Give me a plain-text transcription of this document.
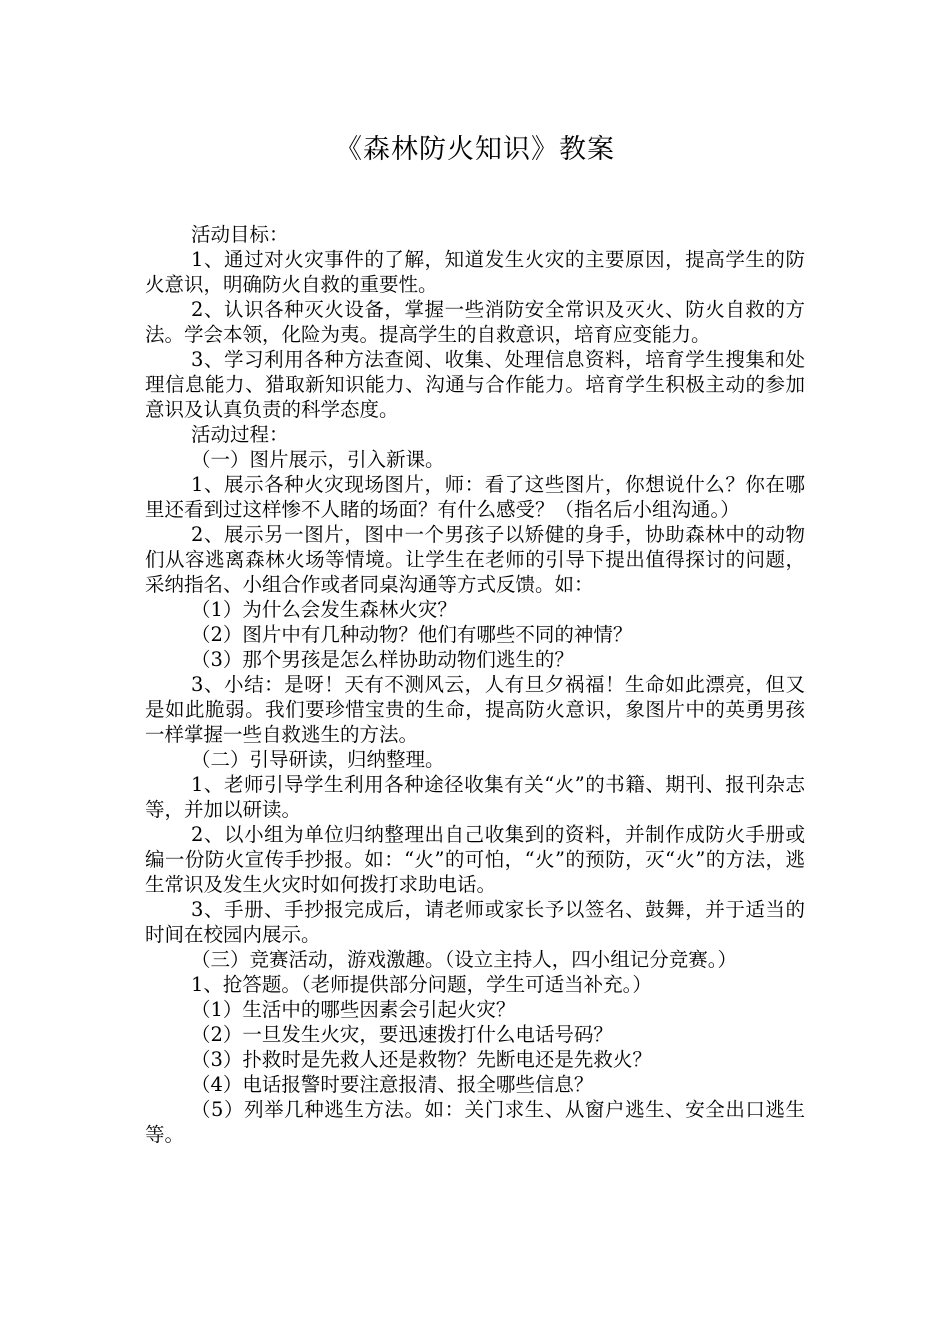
《森林防火知识》教案

活动目标：

1、通过对火灾事件的了解，知道发生火灾的主要原因，提高学生的防火意识，明确防火自救的重要性。

2、认识各种灭火设备，掌握一些消防安全常识及灭火、防火自救的方法。学会本领，化险为夷。提高学生的自救意识，培育应变能力。

3、学习利用各种方法查阅、收集、处理信息资料，培育学生搜集和处理信息能力、猎取新知识能力、沟通与合作能力。培育学生积极主动的参加意识及认真负责的科学态度。

活动过程：

（一）图片展示，引入新课。

1、展示各种火灾现场图片，师：看了这些图片，你想说什么？你在哪里还看到过这样惨不人睹的场面？有什么感受？（指名后小组沟通。）

2、展示另一图片，图中一个男孩子以矫健的身手，协助森林中的动物们从容逃离森林火场等情境。让学生在老师的引导下提出值得探讨的问题，采纳指名、小组合作或者同桌沟通等方式反馈。如：

（1）为什么会发生森林火灾？

（2）图片中有几种动物？他们有哪些不同的神情？

（3）那个男孩是怎么样协助动物们逃生的？

3、小结：是呀！天有不测风云，人有旦夕祸福！生命如此漂亮，但又是如此脆弱。我们要珍惜宝贵的生命，提高防火意识，象图片中的英勇男孩一样掌握一些自救逃生的方法。

（二）引导研读，归纳整理。

1、老师引导学生利用各种途径收集有关“火”的书籍、期刊、报刊杂志等，并加以研读。

2、以小组为单位归纳整理出自己收集到的资料，并制作成防火手册或编一份防火宣传手抄报。如：“火”的可怕，“火”的预防，灭“火”的方法，逃生常识及发生火灾时如何拨打求助电话。

3、手册、手抄报完成后，请老师或家长予以签名、鼓舞，并于适当的时间在校园内展示。

（三）竞赛活动，游戏激趣。（设立主持人，四小组记分竞赛。）

1、抢答题。（老师提供部分问题，学生可适当补充。）

（1）生活中的哪些因素会引起火灾？

（2）一旦发生火灾，要迅速拨打什么电话号码？

（3）扑救时是先救人还是救物？先断电还是先救火？

（4）电话报警时要注意报清、报全哪些信息？

（5）列举几种逃生方法。如：关门求生、从窗户逃生、安全出口逃生等。
